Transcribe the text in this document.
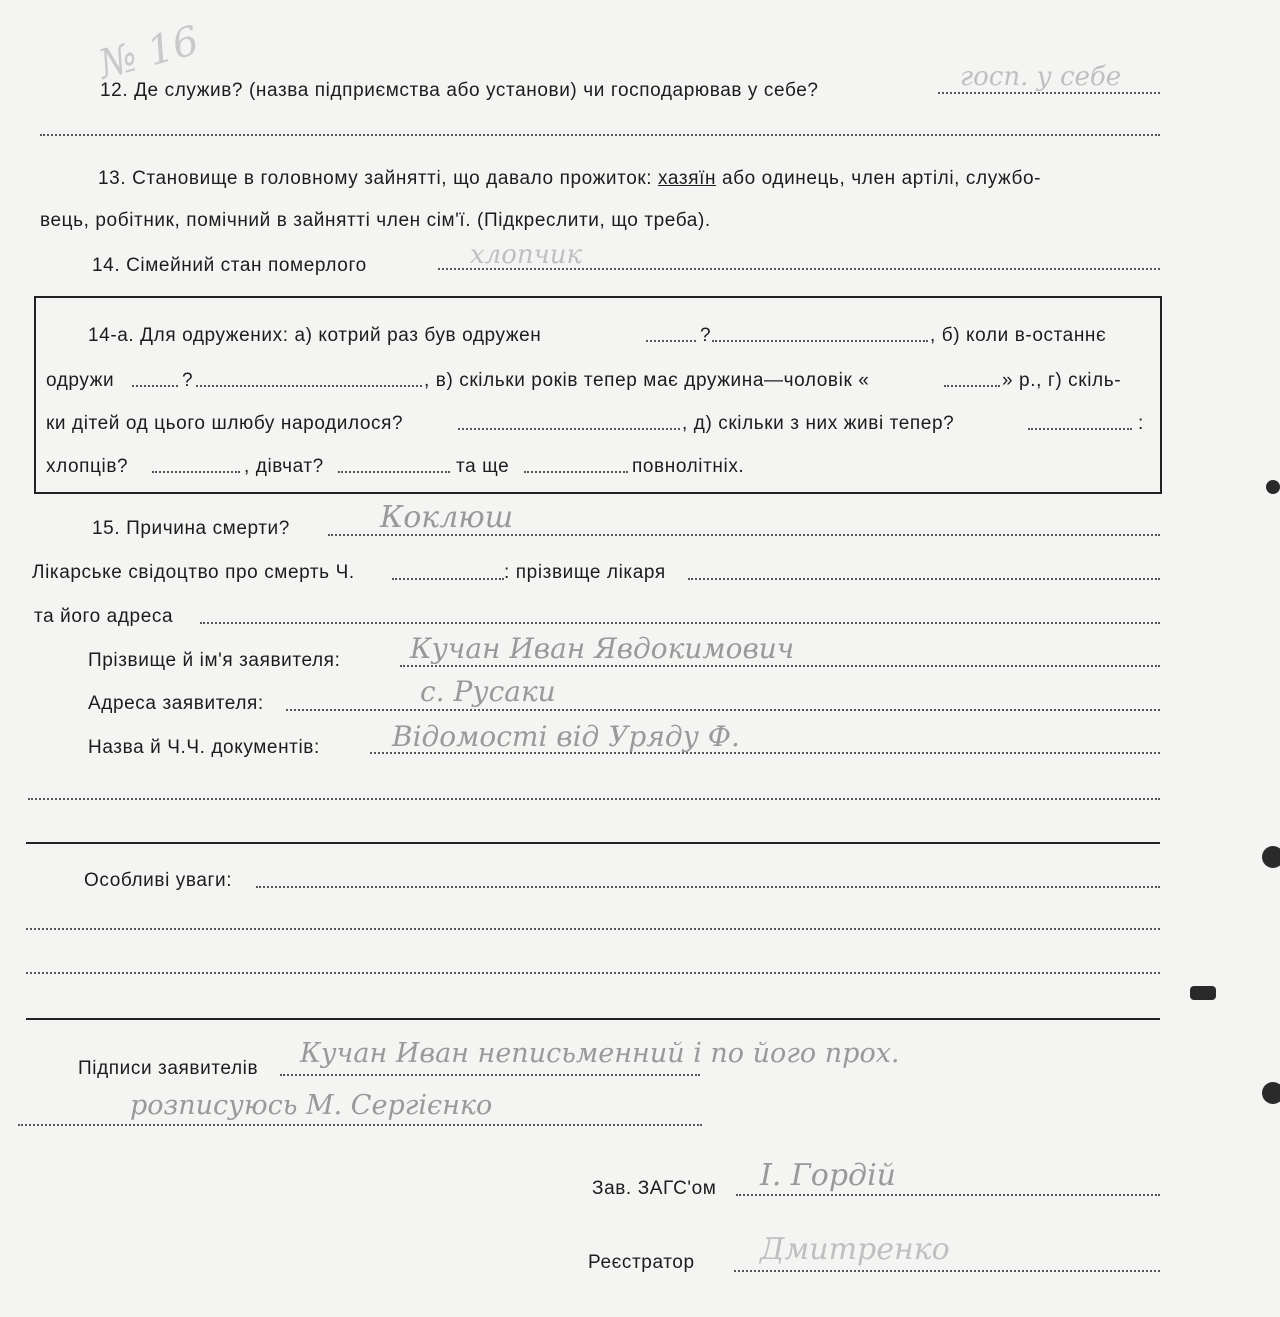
№ 16
12. Де служив? (назва підприємства або установи) чи господарював у себе?	госп. у себе
13. Становище в головному зайнятті, що давало прожиток: хазяїн або одинець, член артілі, службо-
вець, робітник, помічний в зайнятті член сім'ї. (Підкреслити, що треба).
14. Сімейний стан померлого	хлопчик
14-а. Для одружених: а) котрий раз був одружен	?	, б) коли в-останнє
одружи	?	, в) скільки років тепер має дружина—чоловік «	» р., г) скіль-
ки дітей од цього шлюбу народилося?	, д) скільки з них живі тепер?	:
хлопців?	, дівчат?	та ще	повнолітніх.
15. Причина смерти?	Коклюш
Лікарське свідоцтво про смерть Ч.	: прізвище лікаря
та його адреса
Прізвище й ім'я заявителя: Кучан Иван Явдокимович
Адреса заявителя:	с. Русаки
Назва й Ч.Ч. документів:	Відомості від Уряду Ф.
Особливі уваги:
Підписи заявителів Кучан Иван неписьменний і по його прох.
розписуюсь М. Сергієнко
Зав. ЗАГС'ом І. Гордій
Реєстратор Дмитренко
